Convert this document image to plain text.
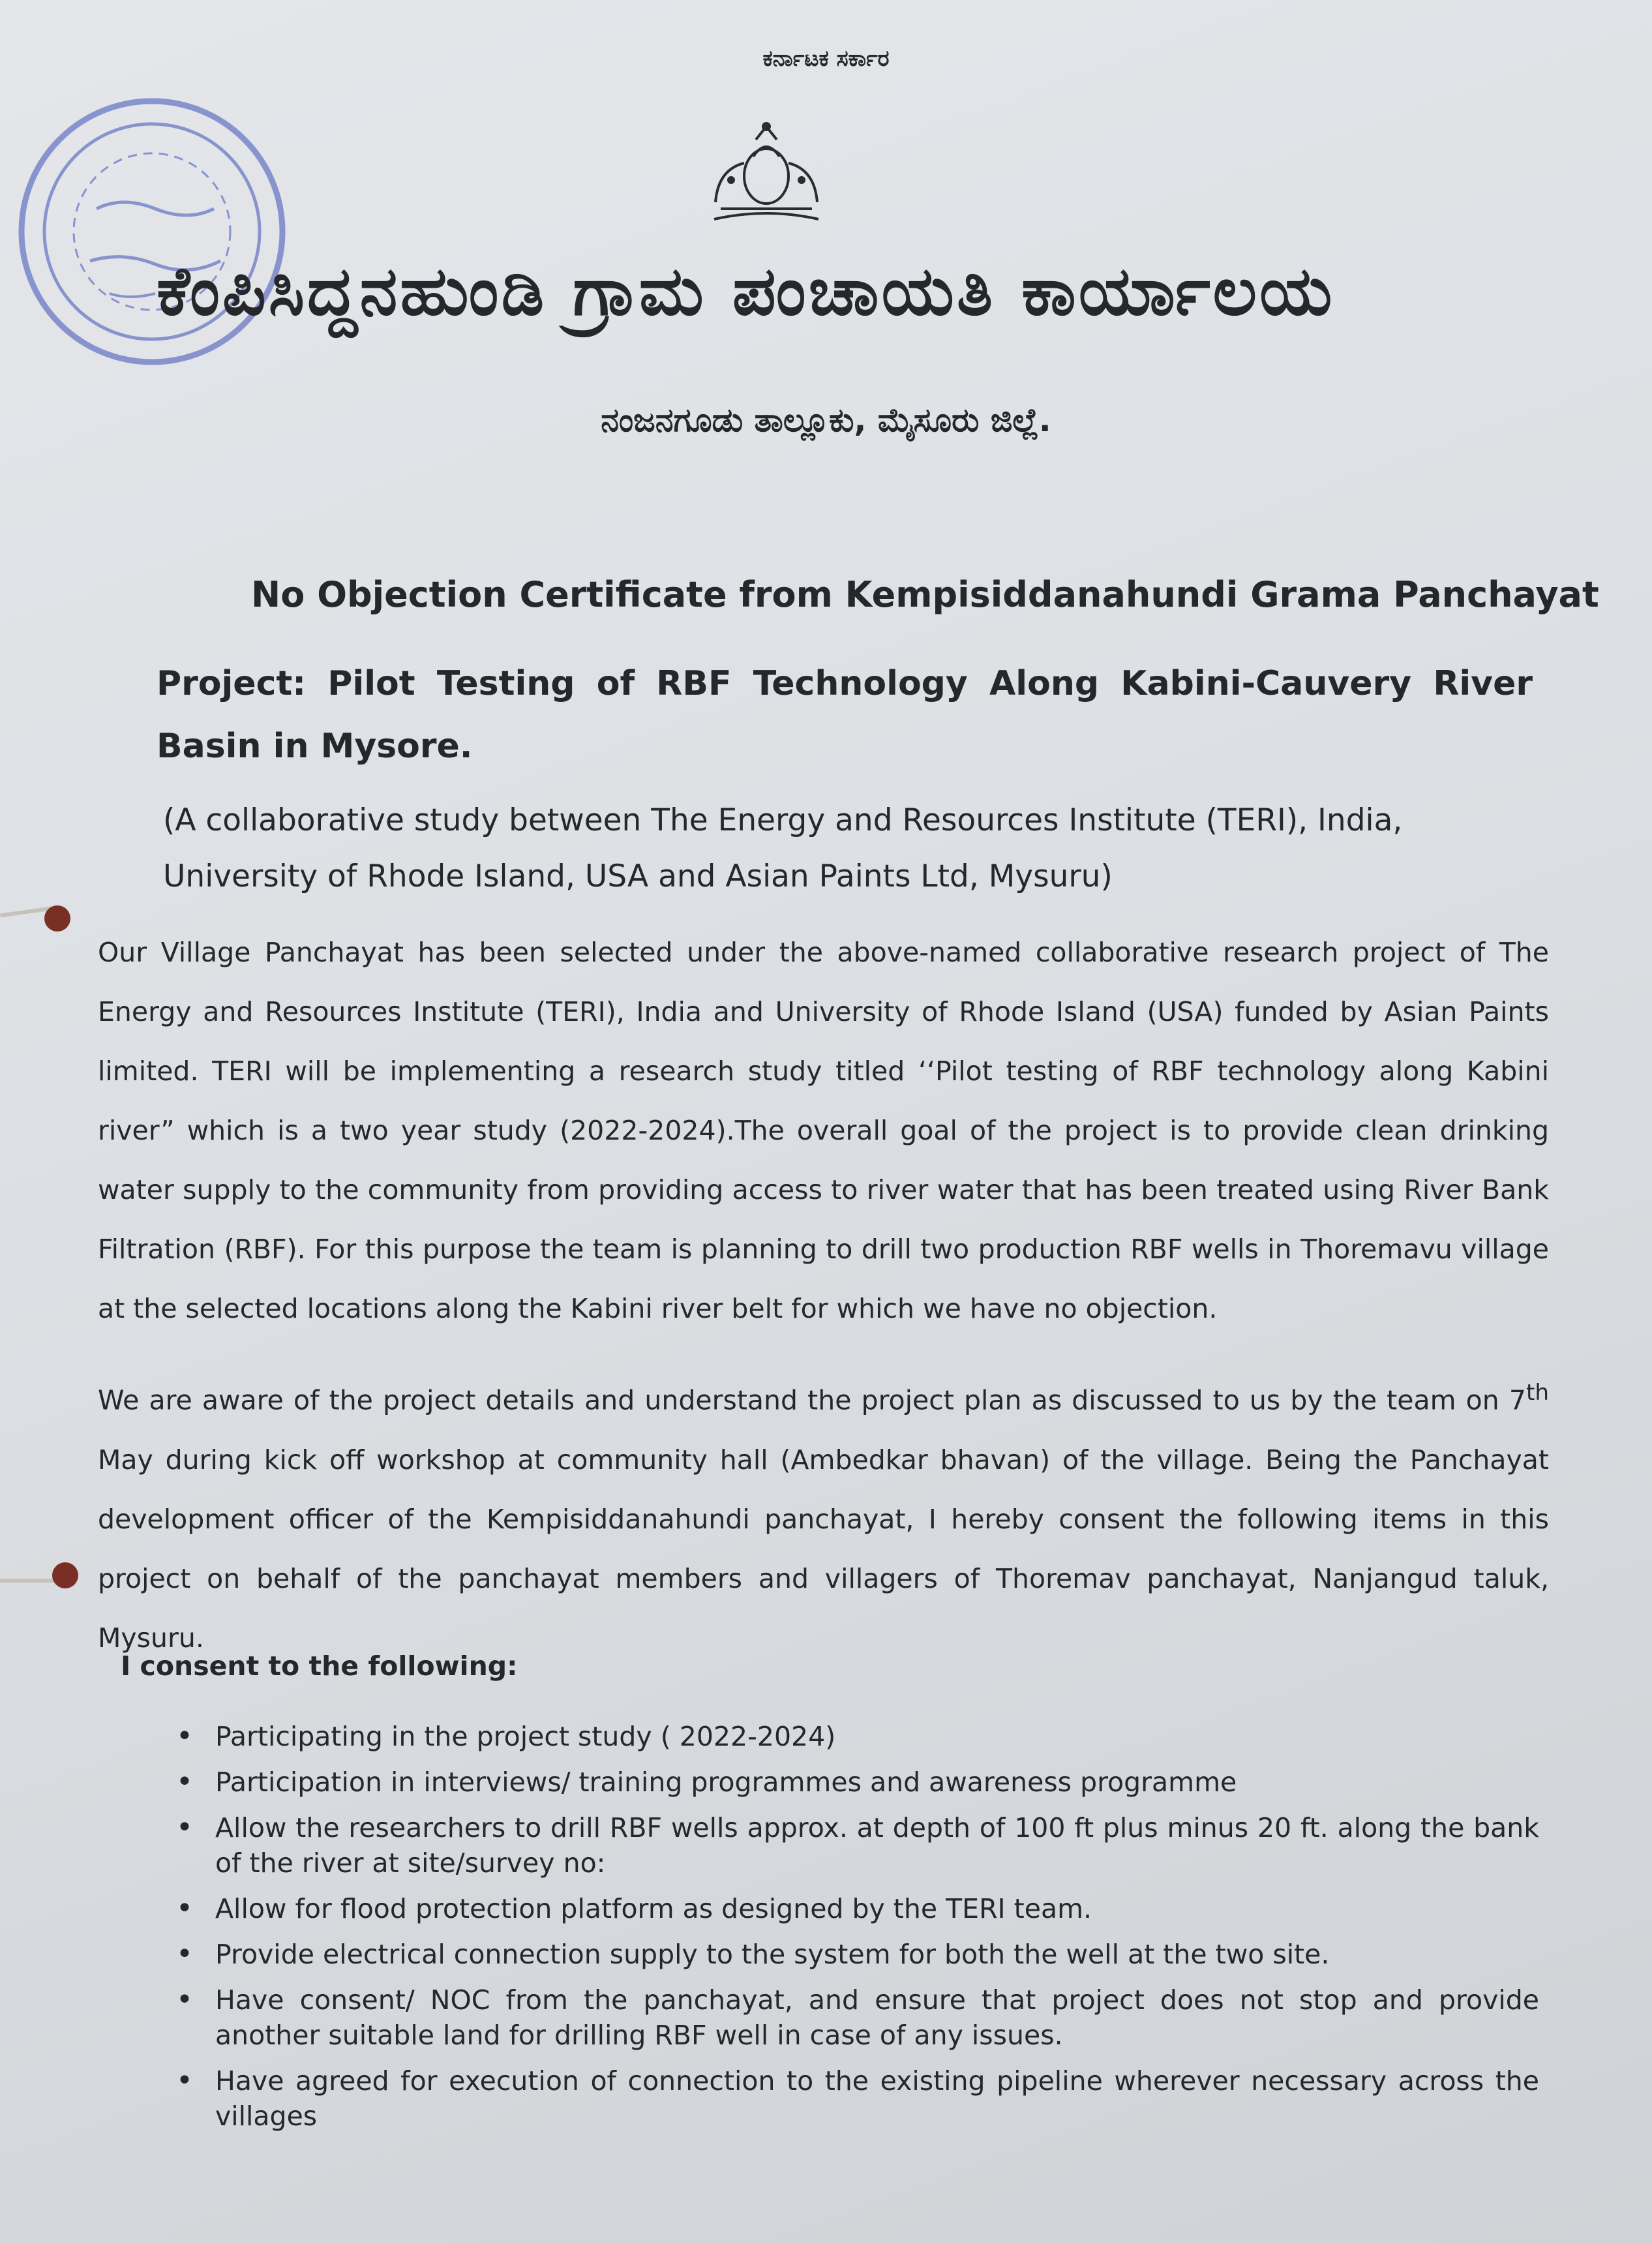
ಕರ್ನಾಟಕ ಸರ್ಕಾರ
ಕೆಂಪಿಸಿದ್ದನಹುಂಡಿ ಗ್ರಾಮ ಪಂಚಾಯತಿ ಕಾರ್ಯಾಲಯ
ನಂಜನಗೂಡು ತಾಲ್ಲೂಕು, ಮೈಸೂರು ಜಿಲ್ಲೆ.
No Objection Certificate from Kempisiddanahundi Grama Panchayat
Project: Pilot Testing of RBF Technology Along Kabini-Cauvery River Basin in Mysore.
(A collaborative study between The Energy and Resources Institute (TERI), India, University of Rhode Island, USA and Asian Paints Ltd, Mysuru)
Our Village Panchayat has been selected under the above-named collaborative research project of The Energy and Resources Institute (TERI), India and University of Rhode Island (USA) funded by Asian Paints limited. TERI will be implementing a research study titled ‘‘Pilot testing of RBF technology along Kabini river” which is a two year study (2022-2024).The overall goal of the project is to provide clean drinking water supply to the community from providing access to river water that has been treated using River Bank Filtration (RBF). For this purpose the team is planning to drill two production RBF wells in Thoremavu village at the selected locations along the Kabini river belt for which we have no objection.
We are aware of the project details and understand the project plan as discussed to us by the team on 7th May during kick off workshop at community hall (Ambedkar bhavan) of the village. Being the Panchayat development officer of the Kempisiddanahundi panchayat, I hereby consent the following items in this project on behalf of the panchayat members and villagers of Thoremav panchayat, Nanjangud taluk, Mysuru.
I consent to the following:
• Participating in the project study ( 2022-2024)
• Participation in interviews/ training programmes and awareness programme
• Allow the researchers to drill RBF wells approx. at depth of 100 ft plus minus 20 ft. along the bank of the river at site/survey no:
• Allow for flood protection platform as designed by the TERI team.
• Provide electrical connection supply to the system for both the well at the two site.
• Have consent/ NOC from the panchayat, and ensure that project does not stop and provide another suitable land for drilling RBF well in case of any issues.
• Have agreed for execution of connection to the existing pipeline wherever necessary across the villages
